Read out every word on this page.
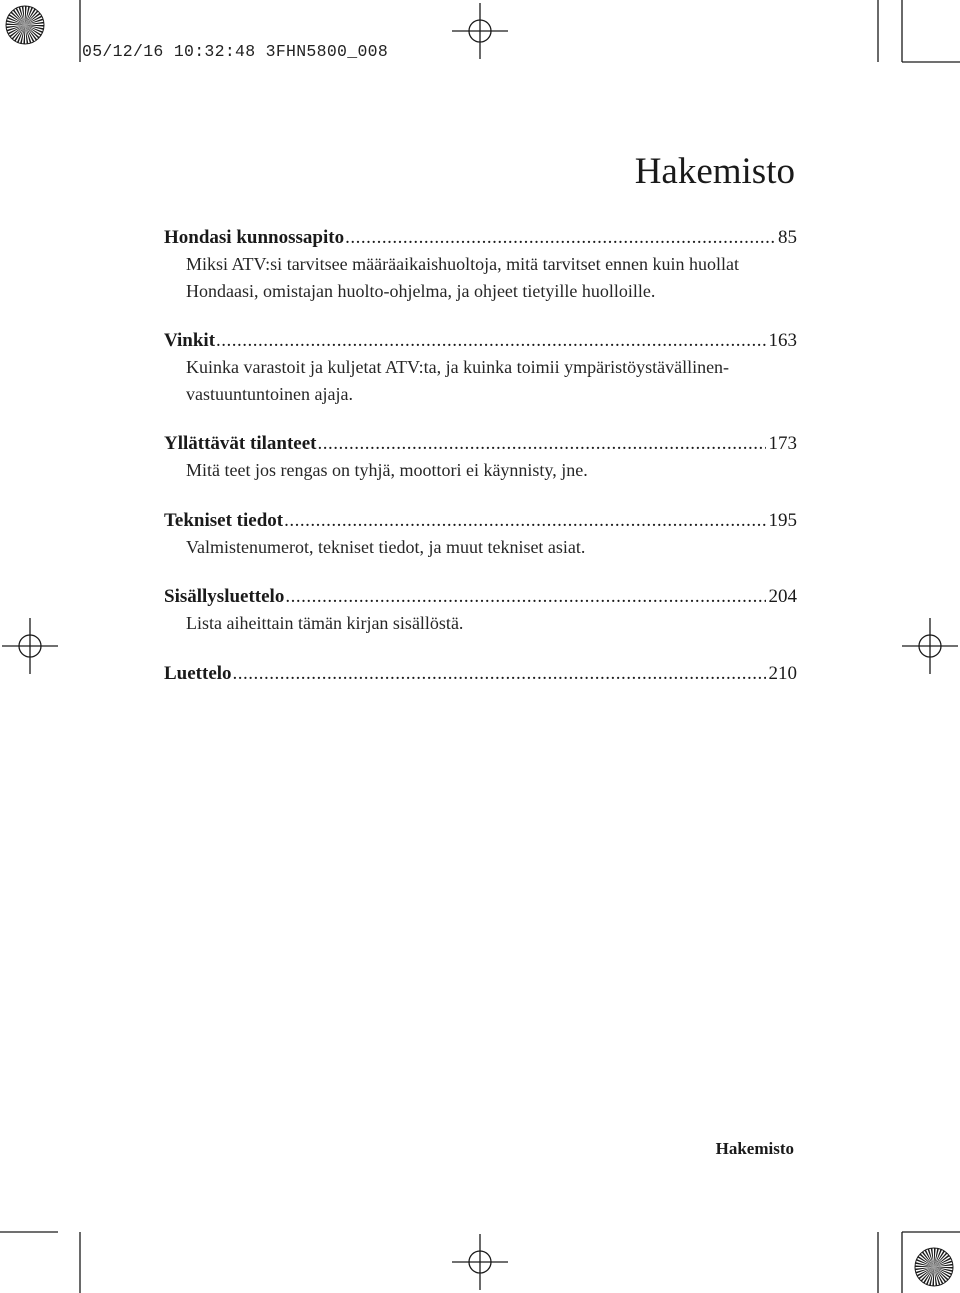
05/12/16 10:32:48 3FHN5800_008
Hakemisto
Hondasi kunnossapito .....	85

Miksi ATV:si tarvitsee määräaikaishuoltoja, mitä tarvitset ennen kuin huollat Hondaasi, omistajan huolto-ohjelma, ja ohjeet tietyille huolloille.

Vinkit .....	163

Kuinka varastoit ja kuljetat ATV:ta, ja kuinka toimii ympäristöystävällinen-vastuuntuntoinen ajaja.

Yllättävät tilanteet .....	173

Mitä teet jos rengas on tyhjä, moottori ei käynnisty, jne.

Tekniset tiedot .....	195

Valmistenumerot, tekniset tiedot, ja muut tekniset asiat.

Sisällysluettelo .....	204

Lista aiheittain tämän kirjan sisällöstä.

Luettelo .....	210
Hakemisto
